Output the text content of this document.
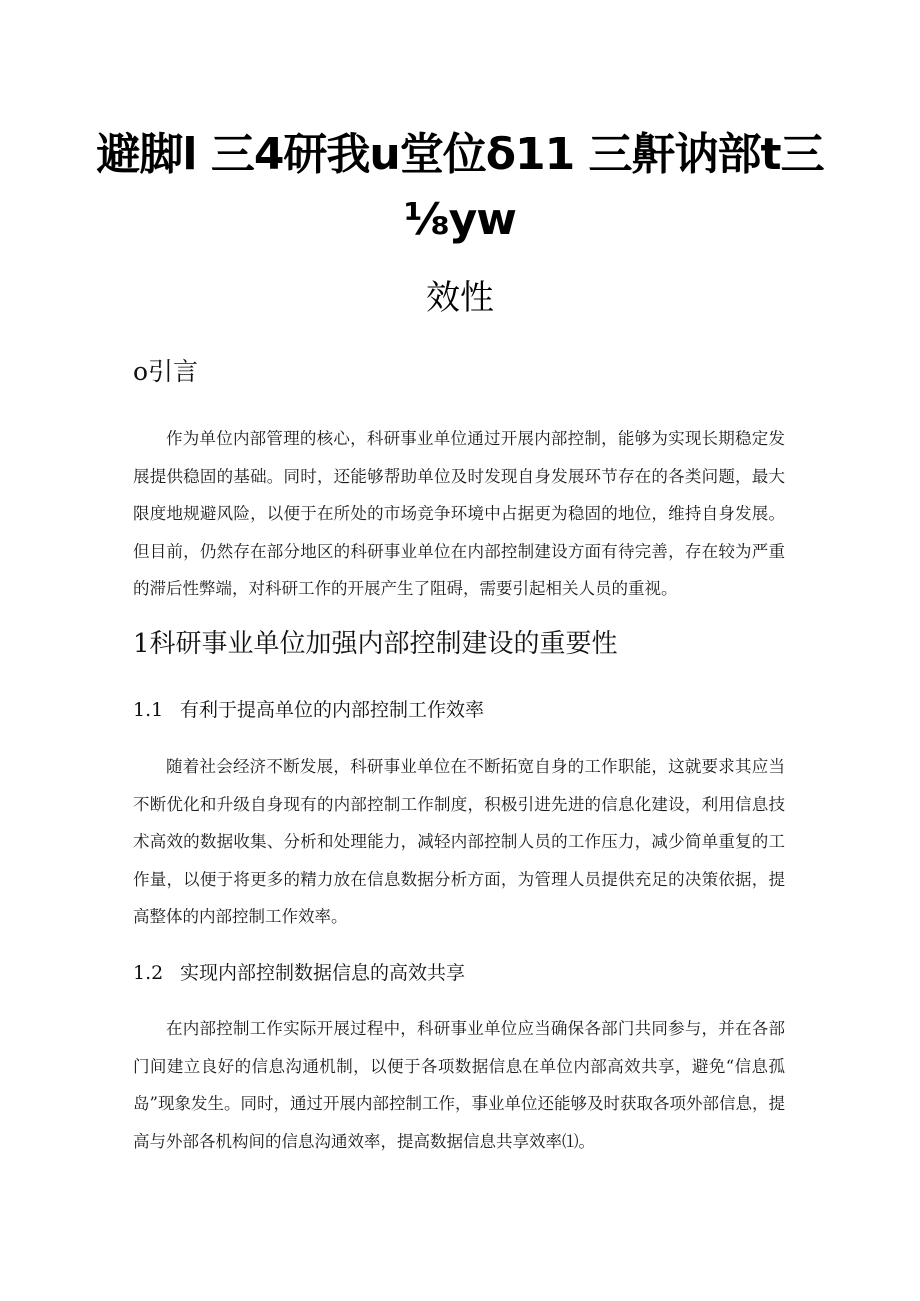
避脚l 三4研我u堂位δ11 三鼾讷部t三
⅛yw
效性
o引言

作为单位内部管理的核心，科研事业单位通过开展内部控制，能够为实现长期稳定发展提供稳固的基础。同时，还能够帮助单位及时发现自身发展环节存在的各类问题，最大限度地规避风险，以便于在所处的市场竞争环境中占据更为稳固的地位，维持自身发展。但目前，仍然存在部分地区的科研事业单位在内部控制建设方面有待完善，存在较为严重的滞后性弊端，对科研工作的开展产生了阻碍，需要引起相关人员的重视。

1科研事业单位加强内部控制建设的重要性
1.1 有利于提高单位的内部控制工作效率

随着社会经济不断发展，科研事业单位在不断拓宽自身的工作职能，这就要求其应当不断优化和升级自身现有的内部控制工作制度，积极引进先进的信息化建设，利用信息技术高效的数据收集、分析和处理能力，减轻内部控制人员的工作压力，减少简单重复的工作量，以便于将更多的精力放在信息数据分析方面，为管理人员提供充足的决策依据，提高整体的内部控制工作效率。

1.2 实现内部控制数据信息的高效共享

在内部控制工作实际开展过程中，科研事业单位应当确保各部门共同参与，并在各部门间建立良好的信息沟通机制，以便于各项数据信息在单位内部高效共享，避免“信息孤岛”现象发生。同时，通过开展内部控制工作，事业单位还能够及时获取各项外部信息，提高与外部各机构间的信息沟通效率，提高数据信息共享效率⑴。
